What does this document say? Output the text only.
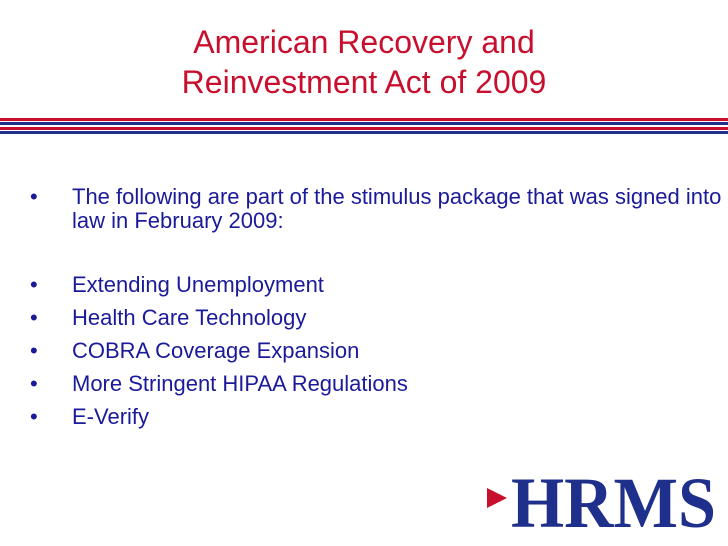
American Recovery and
Reinvestment Act of 2009
• The following are part of the stimulus package that was signed into law in February 2009:
• Extending Unemployment
• Health Care Technology
• COBRA Coverage Expansion
• More Stringent HIPAA Regulations
• E-Verify
HRMS
